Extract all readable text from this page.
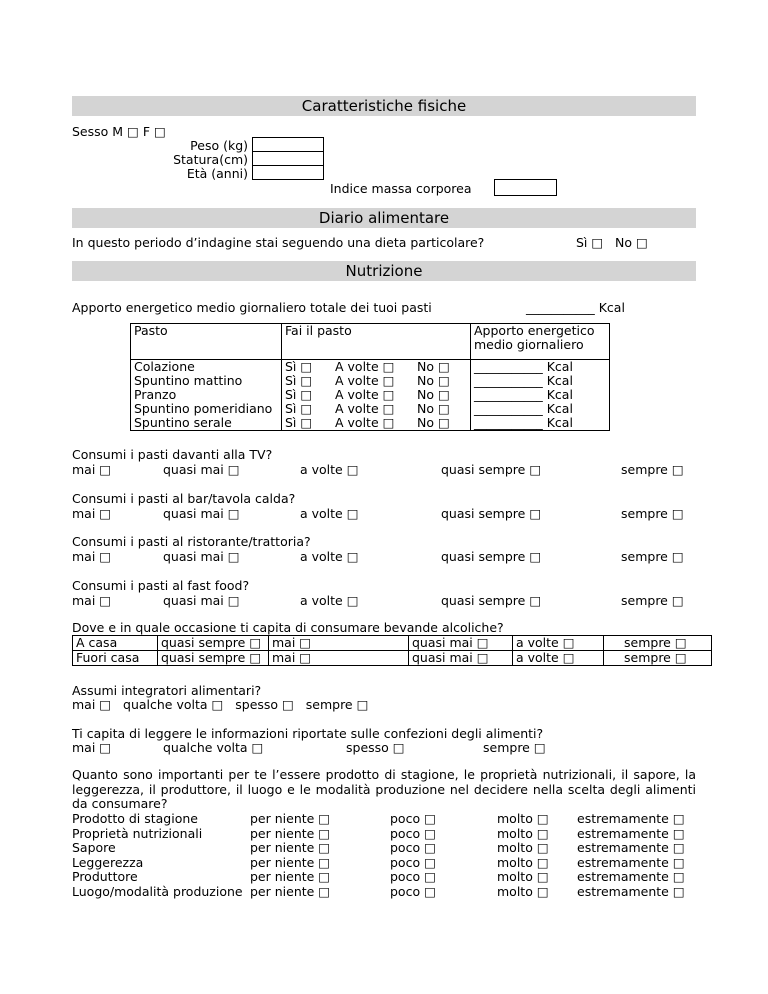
Caratteristiche fisiche
Sesso M □ F □
Peso (kg)
Statura(cm)
Età (anni)
Indice massa corporea
Diario alimentare
In questo periodo d’indagine stai seguendo una dieta particolare?	Sì □ No □
Nutrizione
Apporto energetico medio giornaliero totale dei tuoi pasti	___________ Kcal
Pasto	Fai il pasto			Apporto energetico
medio giornaliero
Colazione	Sì □	A volte □	No □	___________ Kcal
Spuntino mattino	Sì □	A volte □	No □	___________ Kcal
Pranzo	Sì □	A volte □	No □	___________ Kcal
Spuntino pomeridiano	Sì □	A volte □	No □	___________ Kcal
Spuntino serale	Sì □	A volte □	No □	___________ Kcal
Consumi i pasti davanti alla TV?
mai □	quasi mai □	a volte □	quasi sempre □	sempre □
Consumi i pasti al bar/tavola calda?
mai □	quasi mai □	a volte □	quasi sempre □	sempre □
Consumi i pasti al ristorante/trattoria?
mai □	quasi mai □	a volte □	quasi sempre □	sempre □
Consumi i pasti al fast food?
mai □	quasi mai □	a volte □	quasi sempre □	sempre □
Dove e in quale occasione ti capita di consumare bevande alcoliche?
A casa	quasi sempre □	mai □	quasi mai □	a volte □	sempre □
Fuori casa	quasi sempre □	mai □	quasi mai □	a volte □	sempre □
Assumi integratori alimentari?
mai □   qualche volta □   spesso □   sempre □
Ti capita di leggere le informazioni riportate sulle confezioni degli alimenti?
mai □	qualche volta □	spesso □	sempre □
Quanto sono importanti per te l’essere prodotto di stagione, le proprietà nutrizionali, il sapore, la leggerezza, il produttore, il luogo e le modalità produzione nel decidere nella scelta degli alimenti da consumare?
Prodotto di stagione	per niente □	poco □	molto □ estremamente □
Proprietà nutrizionali	per niente □	poco □	molto □ estremamente □
Sapore	per niente □	poco □	molto □ estremamente □
Leggerezza	per niente □	poco □	molto □ estremamente □
Produttore	per niente □	poco □	molto □ estremamente □
Luogo/modalità produzione per niente □	poco □	molto □ estremamente □
